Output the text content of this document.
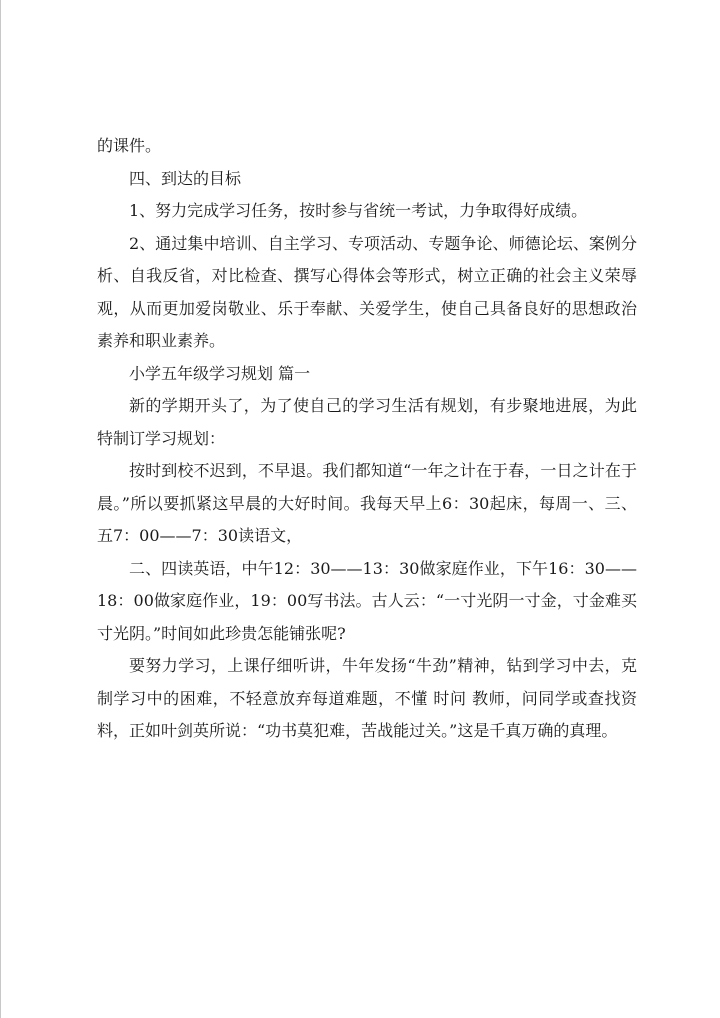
的课件。

四、到达的目标

1、努力完成学习任务，按时参与省统一考试，力争取得好成绩。

2、通过集中培训、自主学习、专项活动、专题争论、师德论坛、案例分析、自我反省，对比检查、撰写心得体会等形式，树立正确的社会主义荣辱观，从而更加爱岗敬业、乐于奉献、关爱学生，使自己具备良好的思想政治素养和职业素养。

小学五年级学习规划 篇一

新的学期开头了，为了使自己的学习生活有规划，有步聚地进展，为此特制订学习规划：

按时到校不迟到，不早退。我们都知道“一年之计在于春，一日之计在于晨。”所以要抓紧这早晨的大好时间。我每天早上6：30起床，每周一、三、五7：00——7：30读语文，

二、四读英语，中午12：30——13：30做家庭作业，下午16：30——18：00做家庭作业，19：00写书法。古人云：“一寸光阴一寸金，寸金难买寸光阴。”时间如此珍贵怎能铺张呢?

要努力学习，上课仔细听讲，牛年发扬“牛劲”精神，钻到学习中去，克制学习中的困难，不轻意放弃每道难题，不懂 时问 教师，问同学或查找资料，正如叶剑英所说：“功书莫犯难，苦战能过关。”这是千真万确的真理。
